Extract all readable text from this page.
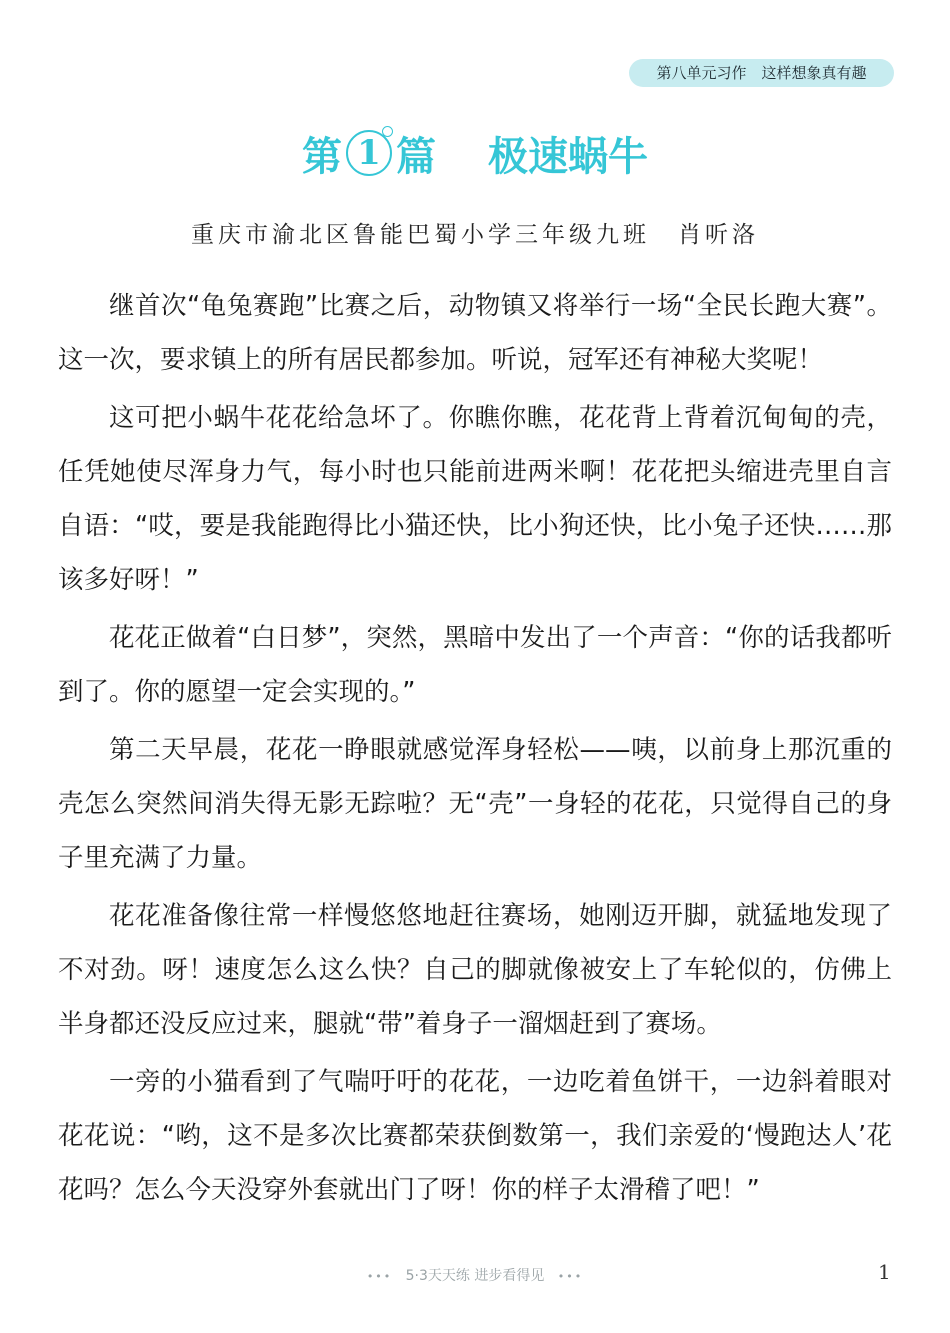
第八单元习作　这样想象真有趣
第 1 篇 极速蜗牛
重庆市渝北区鲁能巴蜀小学三年级九班 肖听洛

继首次“龟兔赛跑”比赛之后，动物镇又将举行一场“全民长跑大赛”。这一次，要求镇上的所有居民都参加。听说，冠军还有神秘大奖呢！

这可把小蜗牛花花给急坏了。你瞧你瞧，花花背上背着沉甸甸的壳，任凭她使尽浑身力气，每小时也只能前进两米啊！花花把头缩进壳里自言自语：“哎，要是我能跑得比小猫还快，比小狗还快，比小兔子还快……那该多好呀！”

花花正做着“白日梦”，突然，黑暗中发出了一个声音：“你的话我都听到了。你的愿望一定会实现的。”

第二天早晨，花花一睁眼就感觉浑身轻松——咦，以前身上那沉重的壳怎么突然间消失得无影无踪啦？无“壳”一身轻的花花，只觉得自己的身子里充满了力量。

花花准备像往常一样慢悠悠地赶往赛场，她刚迈开脚，就猛地发现了不对劲。呀！速度怎么这么快？自己的脚就像被安上了车轮似的，仿佛上半身都还没反应过来，腿就“带”着身子一溜烟赶到了赛场。

一旁的小猫看到了气喘吁吁的花花，一边吃着鱼饼干，一边斜着眼对花花说：“哟，这不是多次比赛都荣获倒数第一，我们亲爱的‘慢跑达人’花花吗？怎么今天没穿外套就出门了呀！你的样子太滑稽了吧！”

••• 5·3天天练 进步看得见 •••	1
